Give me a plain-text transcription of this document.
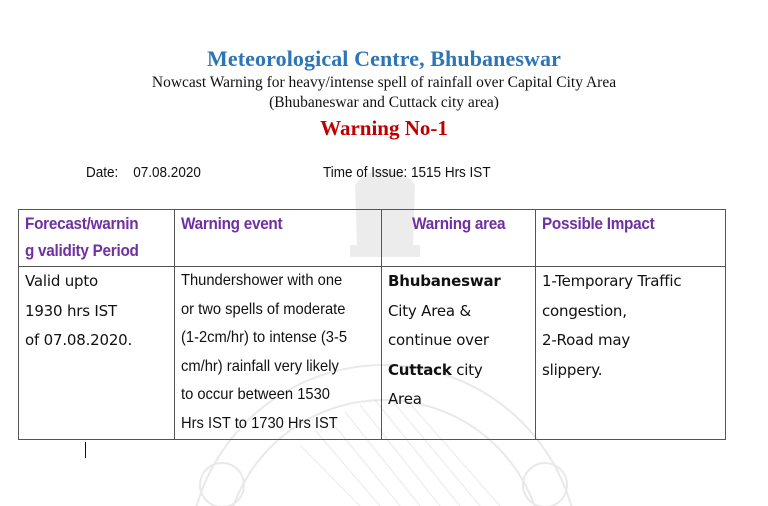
Meteorological Centre, Bhubaneswar
Nowcast Warning for heavy/intense spell of rainfall over Capital City Area
(Bhubaneswar and Cuttack city area)
Warning No-1
Date: 07.08.2020	Time of Issue: 1515 Hrs IST
Forecast/warnin
g validity Period	Warning event	Warning area	Possible Impact

Valid upto
1930 hrs IST
of 07.08.2020.

Thundershower with one
or two spells of moderate
(1-2cm/hr) to intense (3-5
cm/hr) rainfall very likely
to occur between 1530
Hrs IST to 1730 Hrs IST

Bhubaneswar
City Area &
continue over
Cuttack city
Area

1-Temporary Traffic
congestion,
2-Road may
slippery.
